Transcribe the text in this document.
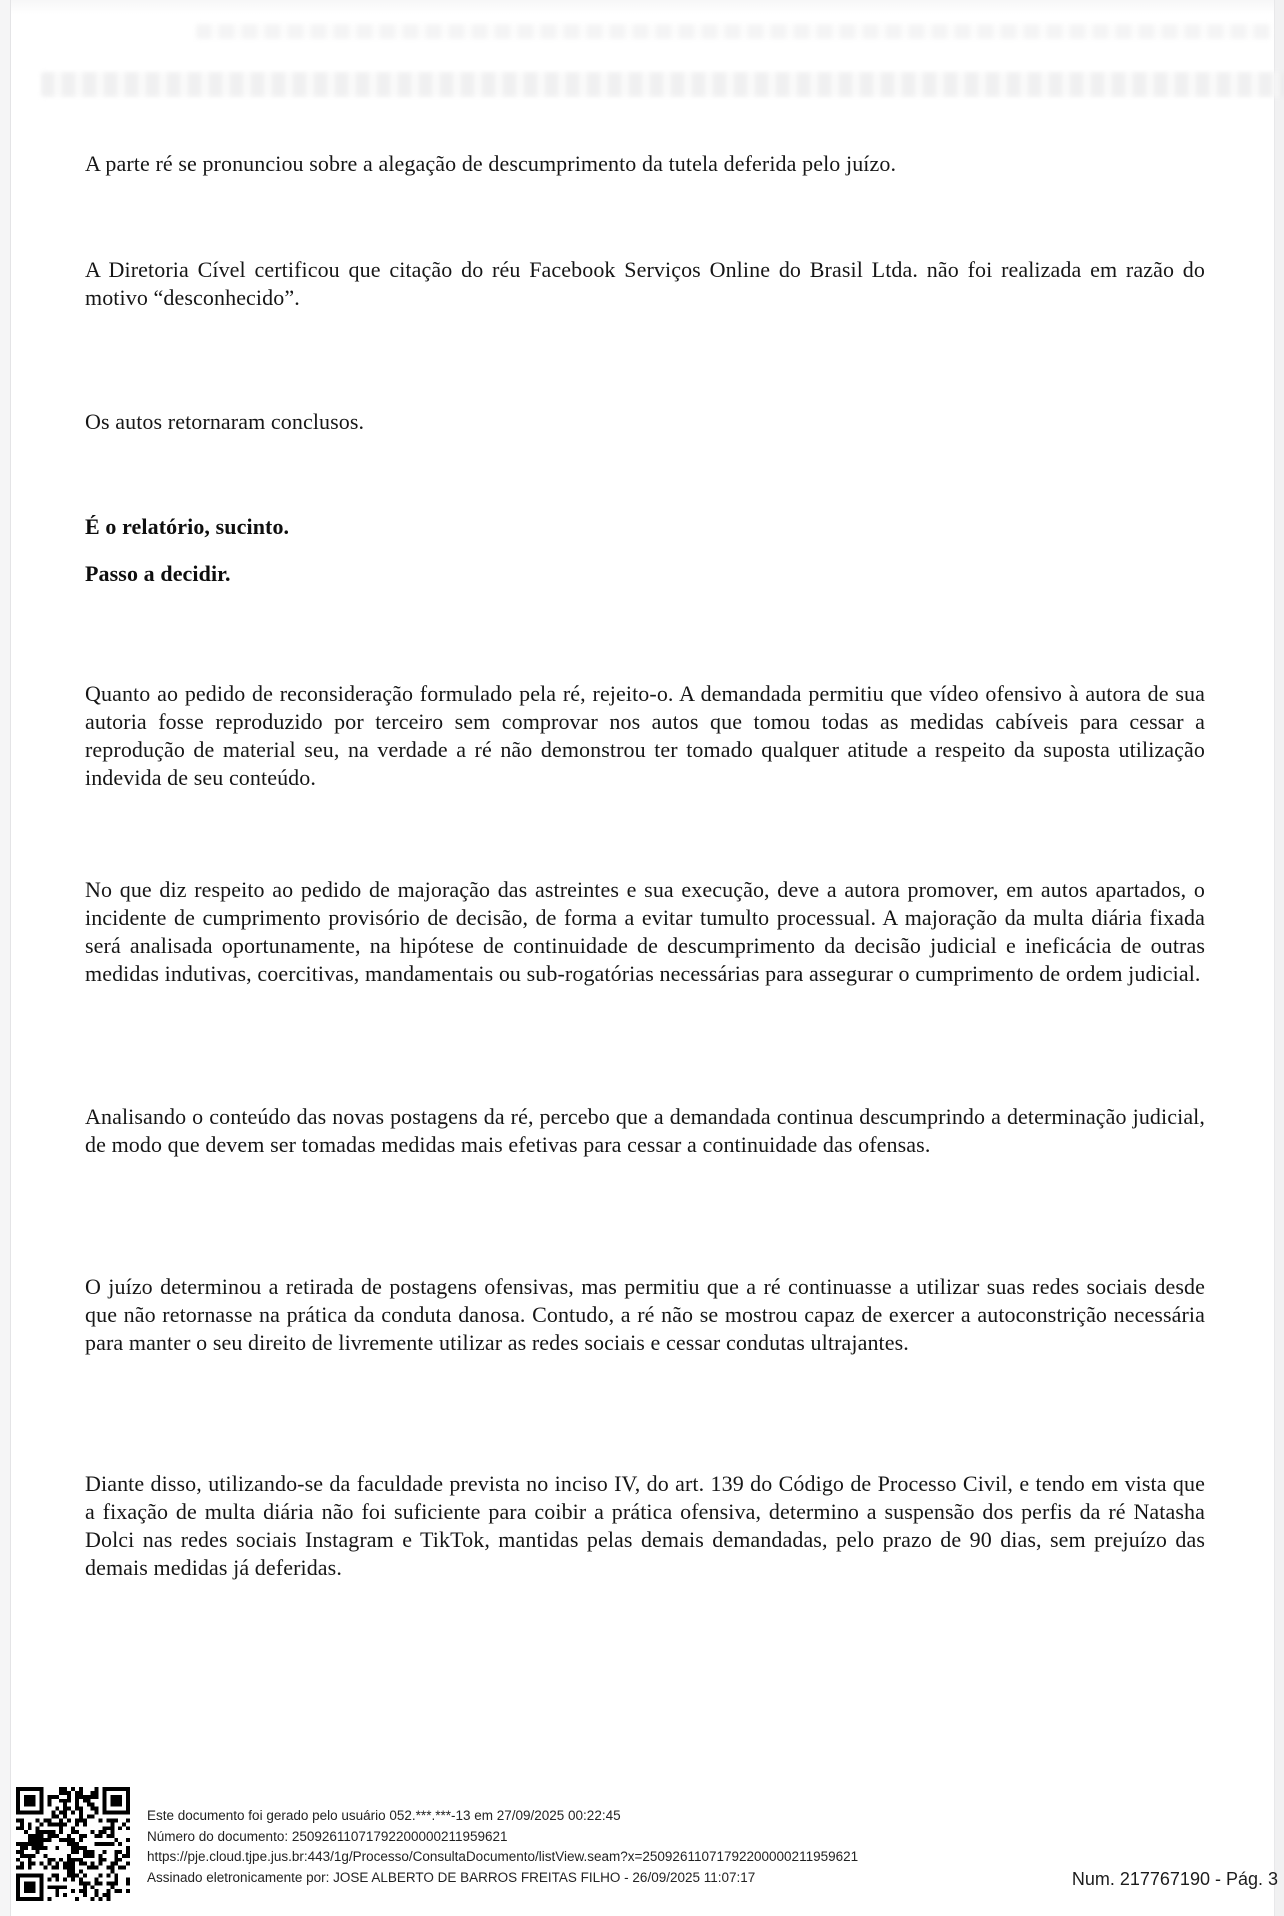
A parte ré se pronunciou sobre a alegação de descumprimento da tutela deferida pelo juízo.

A Diretoria Cível certificou que citação do réu Facebook Serviços Online do Brasil Ltda. não foi realizada em razão do motivo “desconhecido”.

Os autos retornaram conclusos.

É o relatório, sucinto.

Passo a decidir.

Quanto ao pedido de reconsideração formulado pela ré, rejeito-o. A demandada permitiu que vídeo ofensivo à autora de sua autoria fosse reproduzido por terceiro sem comprovar nos autos que tomou todas as medidas cabíveis para cessar a reprodução de material seu, na verdade a ré não demonstrou ter tomado qualquer atitude a respeito da suposta utilização indevida de seu conteúdo.

No que diz respeito ao pedido de majoração das astreintes e sua execução, deve a autora promover, em autos apartados, o incidente de cumprimento provisório de decisão, de forma a evitar tumulto processual. A majoração da multa diária fixada será analisada oportunamente, na hipótese de continuidade de descumprimento da decisão judicial e ineficácia de outras medidas indutivas, coercitivas, mandamentais ou sub-rogatórias necessárias para assegurar o cumprimento de ordem judicial.

Analisando o conteúdo das novas postagens da ré, percebo que a demandada continua descumprindo a determinação judicial, de modo que devem ser tomadas medidas mais efetivas para cessar a continuidade das ofensas.

O juízo determinou a retirada de postagens ofensivas, mas permitiu que a ré continuasse a utilizar suas redes sociais desde que não retornasse na prática da conduta danosa. Contudo, a ré não se mostrou capaz de exercer a autoconstrição necessária para manter o seu direito de livremente utilizar as redes sociais e cessar condutas ultrajantes.

Diante disso, utilizando-se da faculdade prevista no inciso IV, do art. 139 do Código de Processo Civil, e tendo em vista que a fixação de multa diária não foi suficiente para coibir a prática ofensiva, determino a suspensão dos perfis da ré Natasha Dolci nas redes sociais Instagram e TikTok, mantidas pelas demais demandadas, pelo prazo de 90 dias, sem prejuízo das demais medidas já deferidas.

Este documento foi gerado pelo usuário 052.***.***-13 em 27/09/2025 00:22:45
Número do documento: 25092611071792200000211959621
https://pje.cloud.tjpe.jus.br:443/1g/Processo/ConsultaDocumento/listView.seam?x=25092611071792200000211959621
Assinado eletronicamente por: JOSE ALBERTO DE BARROS FREITAS FILHO - 26/09/2025 11:07:17	Num. 217767190 - Pág. 3
